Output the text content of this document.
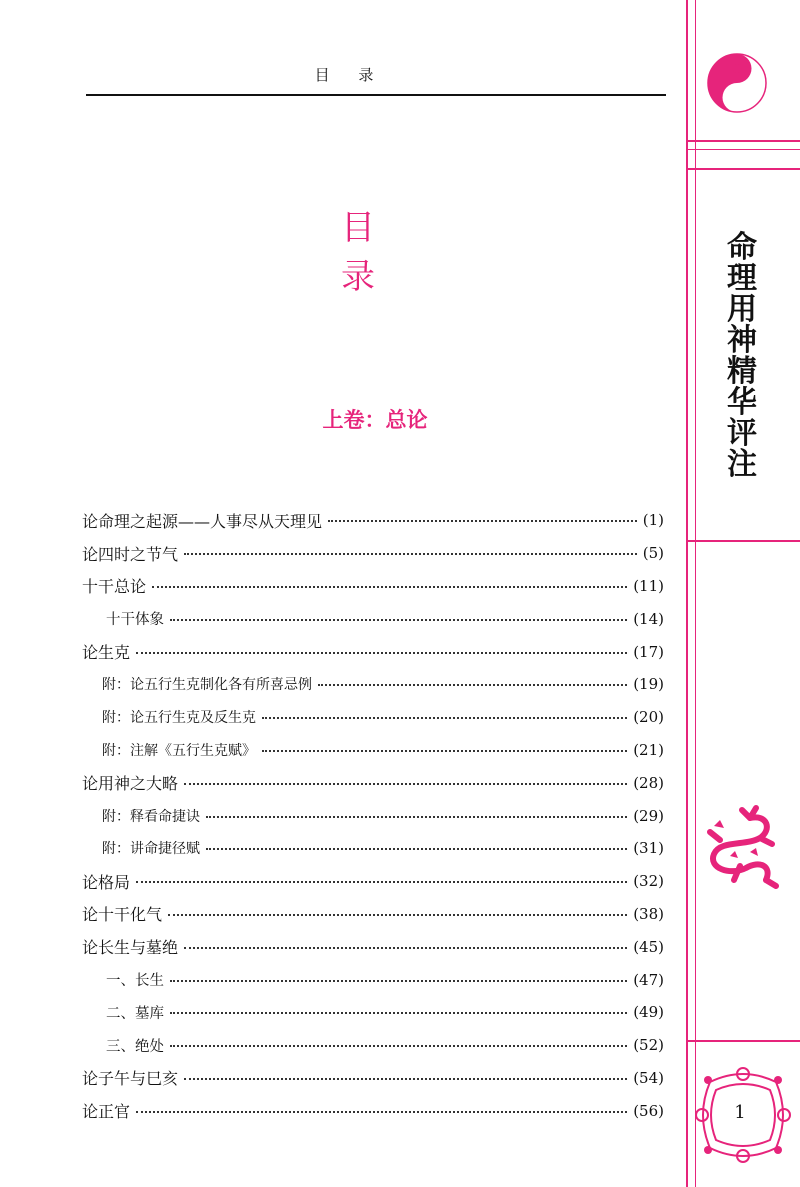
目 录
目 录
上卷：总论
论命理之起源——人事尽从天理见	(1)
论四时之节气	(5)
十干总论	(11)
十干体象	(14)
论生克	(17)
附：论五行生克制化各有所喜忌例	(19)
附：论五行生克及反生克	(20)
附：注解《五行生克赋》	(21)
论用神之大略	(28)
附：释看命捷诀	(29)
附：讲命捷径赋	(31)
论格局	(32)
论十干化气	(38)
论长生与墓绝	(45)
一、长生	(47)
二、墓库	(49)
三、绝处	(52)
论子午与巳亥	(54)
论正官	(56)
命
理
用
神
精
华
评
注
1
